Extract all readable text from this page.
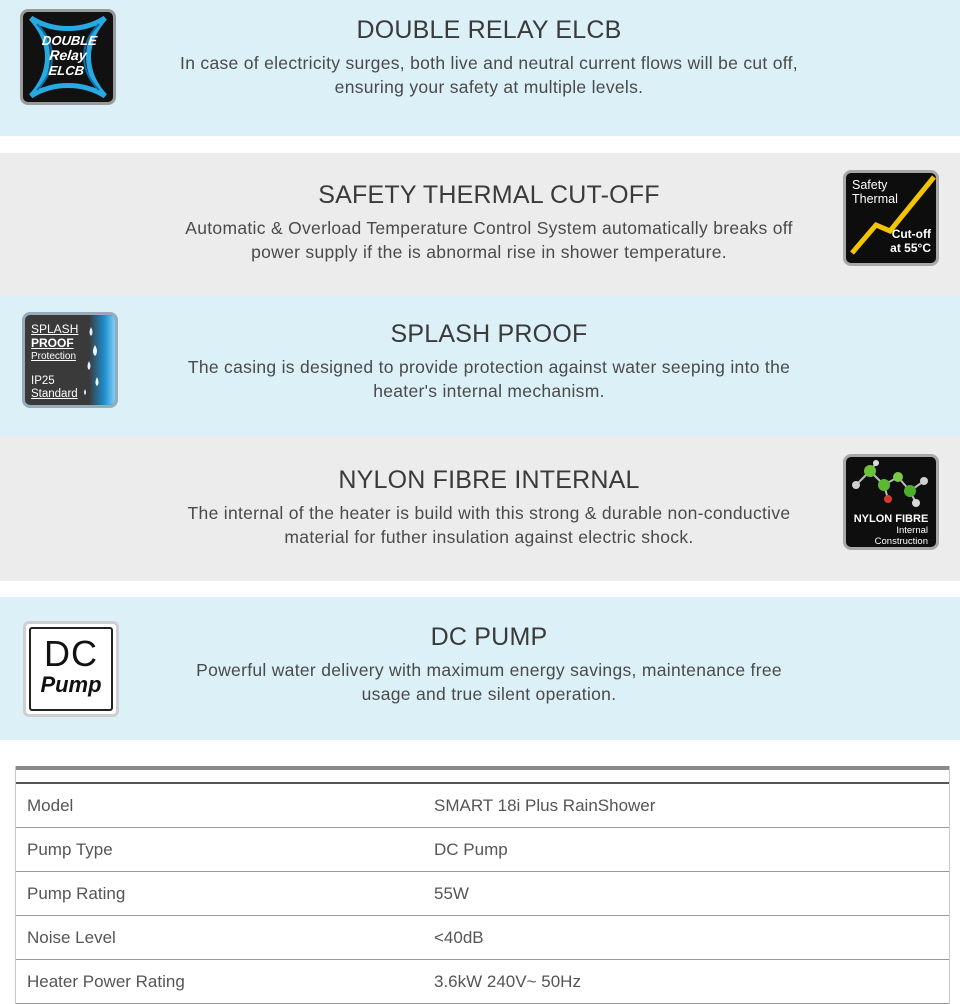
DOUBLE
Relay
ELCB
DOUBLE RELAY ELCB
In case of electricity surges, both live and neutral current flows will be cut off,
ensuring your safety at multiple levels.
SAFETY THERMAL CUT-OFF
Automatic & Overload Temperature Control System automatically breaks off
power supply if the is abnormal rise in shower temperature.
Safety
Thermal
Cut-off
at 55°C
SPLASH
PROOF
Protection
IP25
Standard
SPLASH PROOF
The casing is designed to provide protection against water seeping into the
heater's internal mechanism.
NYLON FIBRE INTERNAL
The internal of the heater is build with this strong & durable non-conductive
material for futher insulation against electric shock.
NYLON FIBRE
Internal
Construction
DC
Pump
DC PUMP
Powerful water delivery with maximum energy savings, maintenance free
usage and true silent operation.
Model	SMART 18i Plus RainShower
Pump Type	DC Pump
Pump Rating	55W
Noise Level	<40dB
Heater Power Rating	3.6kW 240V~ 50Hz
